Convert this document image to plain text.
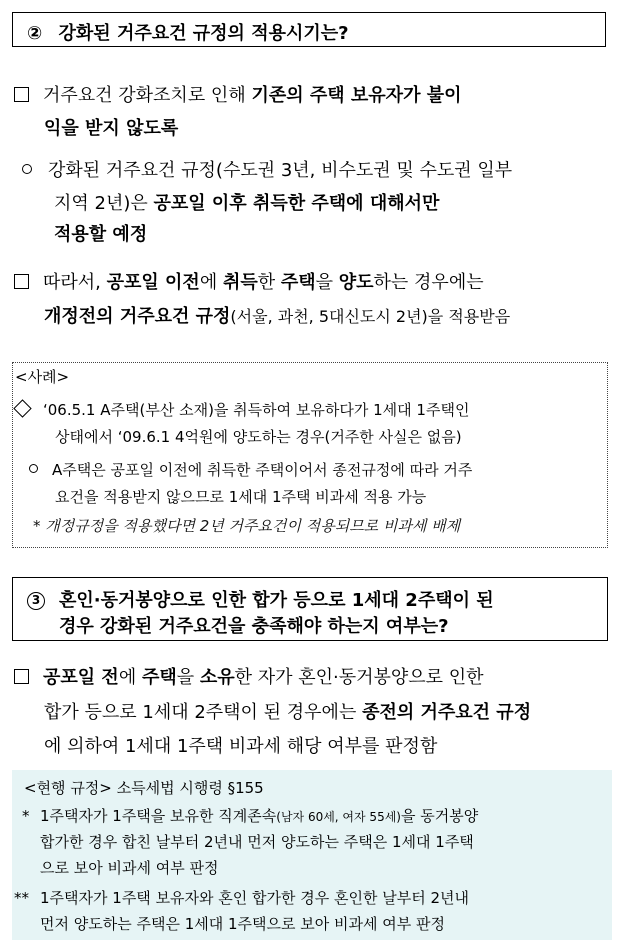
② 강화된 거주요건 규정의 적용시기는?
거주요건 강화조치로 인해 기존의 주택 보유자가 불이
익을 받지 않도록
강화된 거주요건 규정(수도권 3년, 비수도권 및 수도권 일부
지역 2년)은 공포일 이후 취득한 주택에 대해서만
적용할 예정
따라서, 공포일 이전에 취득한 주택을 양도하는 경우에는
개정전의 거주요건 규정(서울, 과천, 5대신도시 2년)을 적용받음
<사례>
‘06.5.1 A주택(부산 소재)을 취득하여 보유하다가 1세대 1주택인
상태에서 ‘09.6.1 4억원에 양도하는 경우(거주한 사실은 없음)
A주택은 공포일 이전에 취득한 주택이어서 종전규정에 따라 거주
요건을 적용받지 않으므로 1세대 1주택 비과세 적용 가능
* 개정규정을 적용했다면 2년 거주요건이 적용되므로 비과세 배제
3 혼인·동거봉양으로 인한 합가 등으로 1세대 2주택이 된
경우 강화된 거주요건을 충족해야 하는지 여부는?
공포일 전에 주택을 소유한 자가 혼인·동거봉양으로 인한
합가 등으로 1세대 2주택이 된 경우에는 종전의 거주요건 규정
에 의하여 1세대 1주택 비과세 해당 여부를 판정함
<현행 규정> 소득세법 시행령 §155
* 1주택자가 1주택을 보유한 직계존속(남자 60세, 여자 55세)을 동거봉양
합가한 경우 합친 날부터 2년내 먼저 양도하는 주택은 1세대 1주택
으로 보아 비과세 여부 판정
** 1주택자가 1주택 보유자와 혼인 합가한 경우 혼인한 날부터 2년내
먼저 양도하는 주택은 1세대 1주택으로 보아 비과세 여부 판정
